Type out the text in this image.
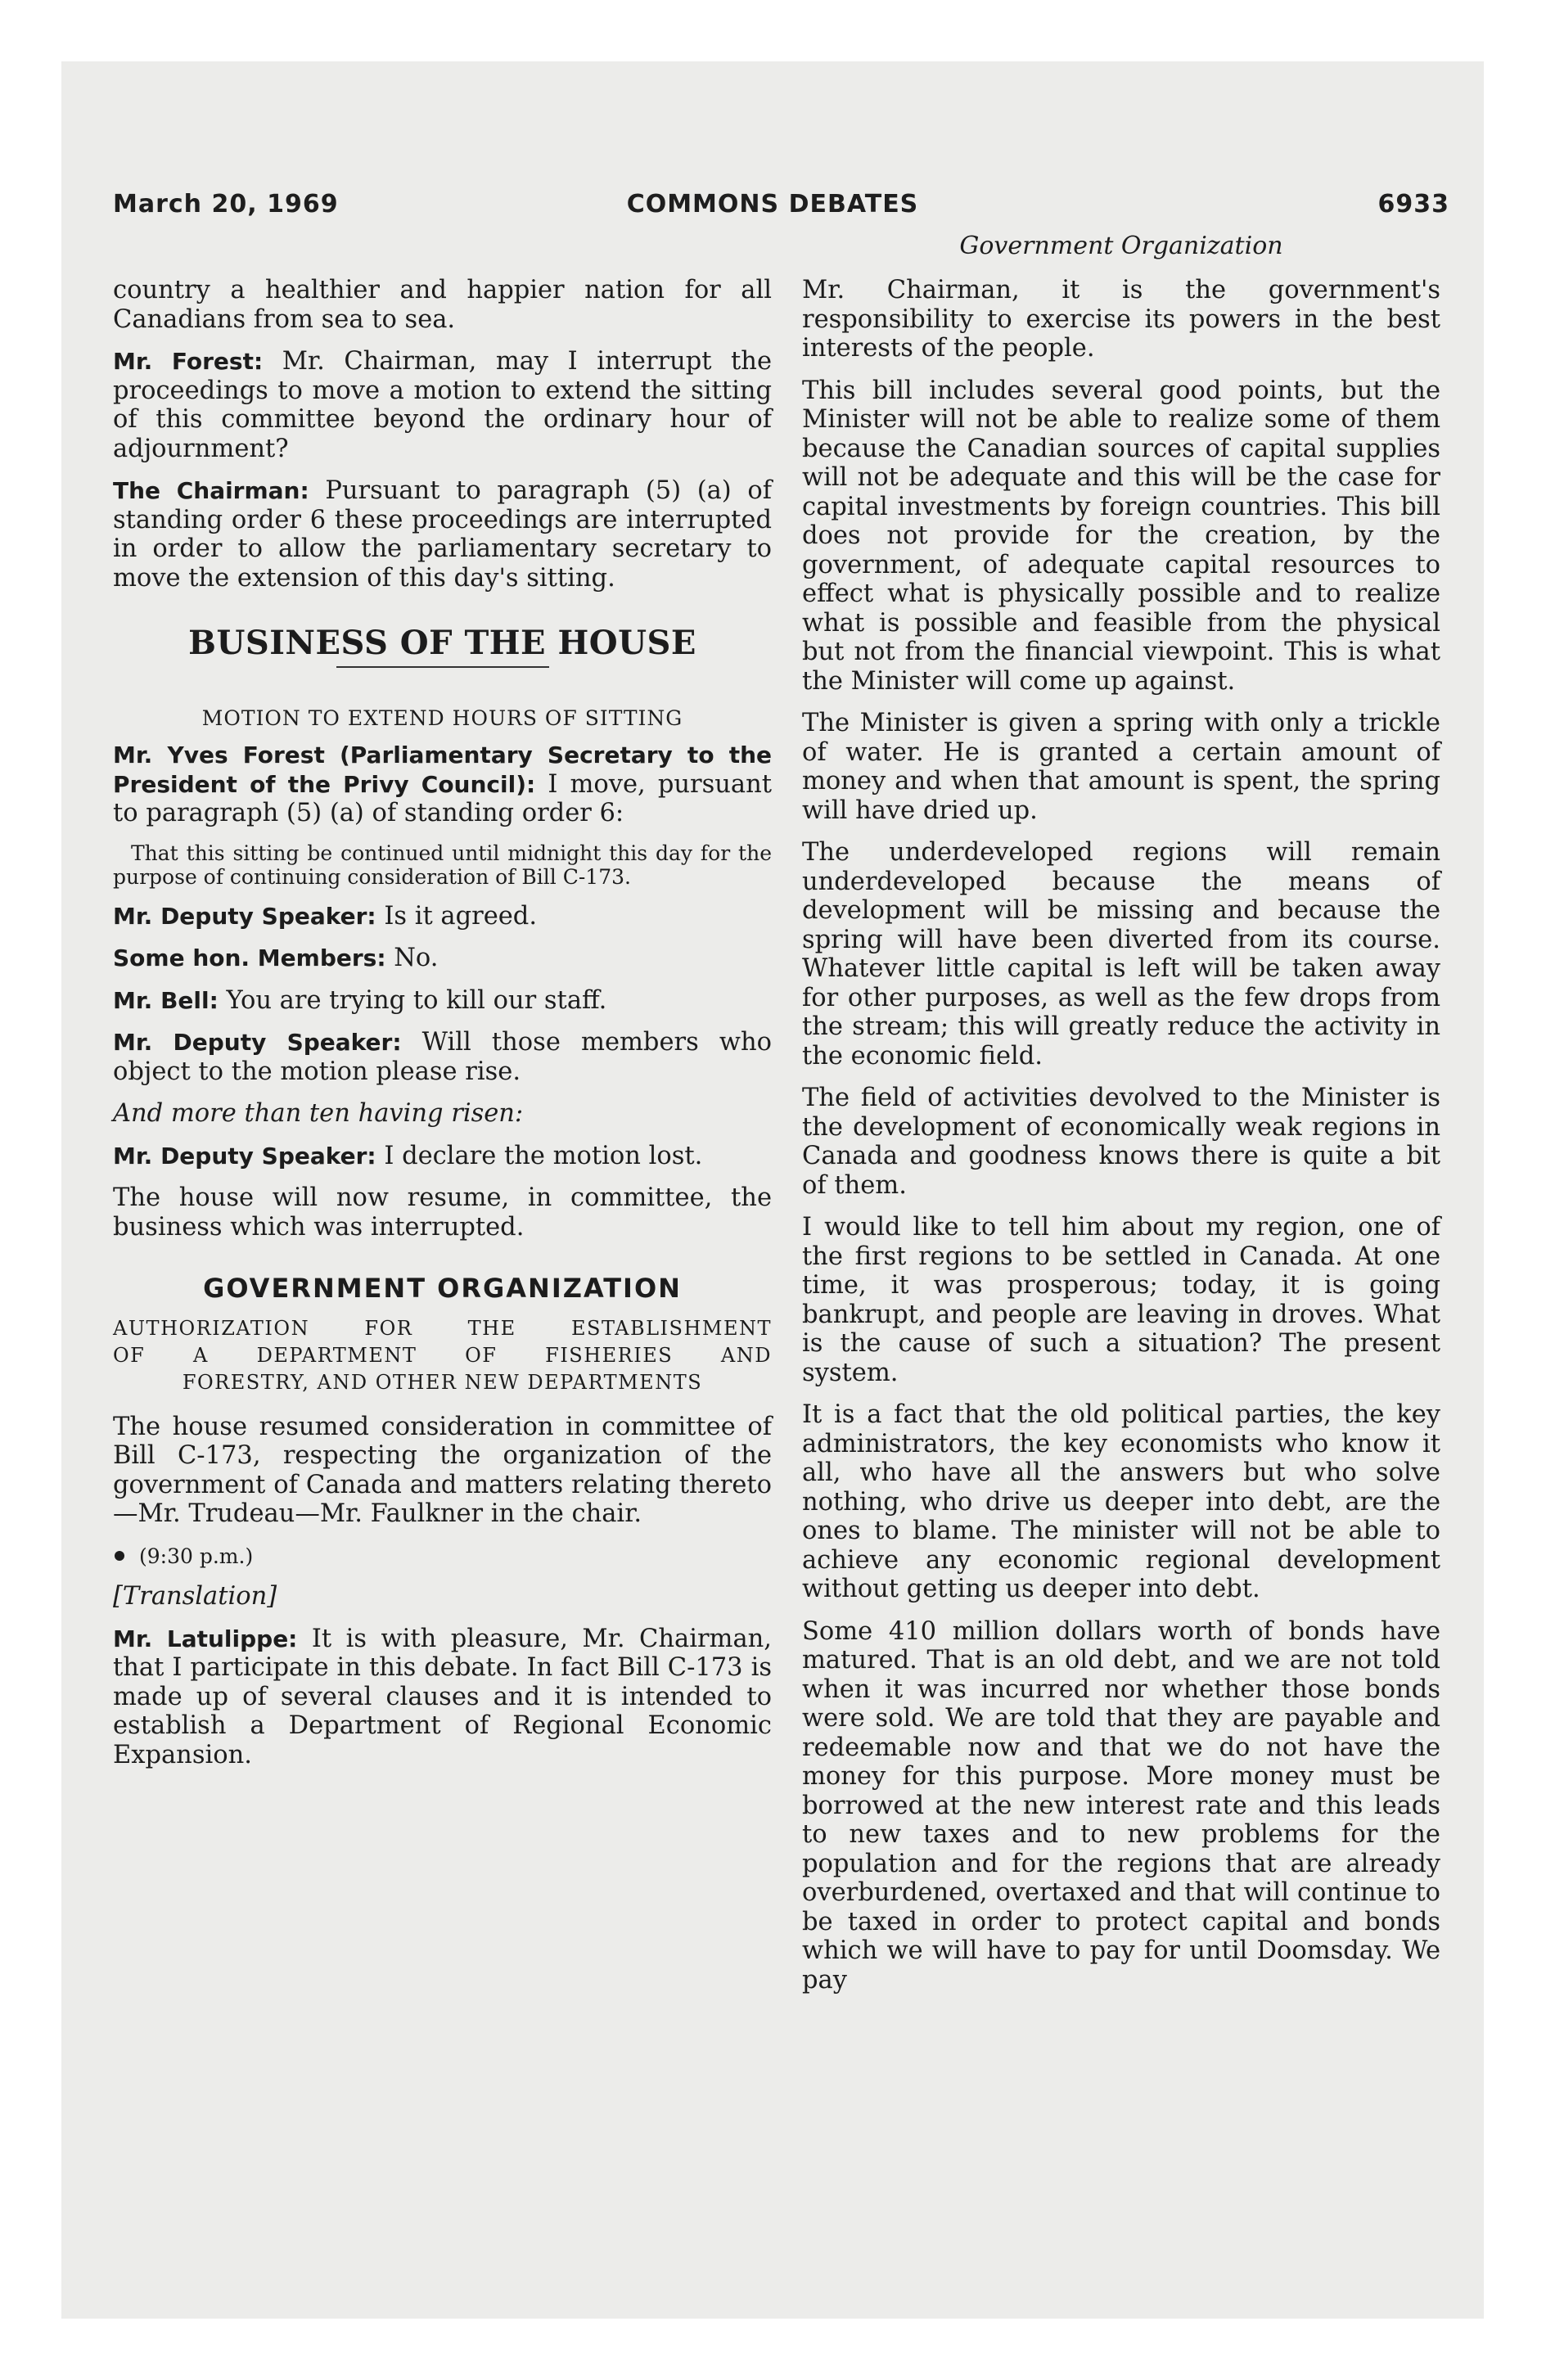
March 20, 1969	COMMONS DEBATES	6933
Government Organization

country a healthier and happier nation for all Canadians from sea to sea.

Mr. Forest: Mr. Chairman, may I interrupt the proceedings to move a motion to extend the sitting of this committee beyond the ordinary hour of adjournment?

The Chairman: Pursuant to paragraph (5) (a) of standing order 6 these proceedings are interrupted in order to allow the parliamentary secretary to move the extension of this day's sitting.

BUSINESS OF THE HOUSE
MOTION TO EXTEND HOURS OF SITTING

Mr. Yves Forest (Parliamentary Secretary to the President of the Privy Council): I move, pursuant to paragraph (5) (a) of standing order 6:

That this sitting be continued until midnight this day for the purpose of continuing consideration of Bill C-173.

Mr. Deputy Speaker: Is it agreed.

Some hon. Members: No.

Mr. Bell: You are trying to kill our staff.

Mr. Deputy Speaker: Will those members who object to the motion please rise.

And more than ten having risen:

Mr. Deputy Speaker: I declare the motion lost.

The house will now resume, in committee, the business which was interrupted.

GOVERNMENT ORGANIZATION

AUTHORIZATION FOR THE ESTABLISHMENT

OF A DEPARTMENT OF FISHERIES AND

FORESTRY, AND OTHER NEW DEPARTMENTS

The house resumed consideration in committee of Bill C-173, respecting the organization of the government of Canada and matters relating thereto—Mr. Trudeau—Mr. Faulkner in the chair.

(9:30 p.m.)

[Translation]

Mr. Latulippe: It is with pleasure, Mr. Chairman, that I participate in this debate. In fact Bill C-173 is made up of several clauses and it is intended to establish a Department of Regional Economic Expansion.

Mr. Chairman, it is the government's responsibility to exercise its powers in the best interests of the people.

This bill includes several good points, but the Minister will not be able to realize some of them because the Canadian sources of capital supplies will not be adequate and this will be the case for capital investments by foreign countries. This bill does not provide for the creation, by the government, of adequate capital resources to effect what is physically possible and to realize what is possible and feasible from the physical but not from the financial viewpoint. This is what the Minister will come up against.

The Minister is given a spring with only a trickle of water. He is granted a certain amount of money and when that amount is spent, the spring will have dried up.

The underdeveloped regions will remain underdeveloped because the means of development will be missing and because the spring will have been diverted from its course. Whatever little capital is left will be taken away for other purposes, as well as the few drops from the stream; this will greatly reduce the activity in the economic field.

The field of activities devolved to the Minister is the development of economically weak regions in Canada and goodness knows there is quite a bit of them.

I would like to tell him about my region, one of the first regions to be settled in Canada. At one time, it was prosperous; today, it is going bankrupt, and people are leaving in droves. What is the cause of such a situation? The present system.

It is a fact that the old political parties, the key administrators, the key economists who know it all, who have all the answers but who solve nothing, who drive us deeper into debt, are the ones to blame. The minister will not be able to achieve any economic regional development without getting us deeper into debt.

Some 410 million dollars worth of bonds have matured. That is an old debt, and we are not told when it was incurred nor whether those bonds were sold. We are told that they are payable and redeemable now and that we do not have the money for this purpose. More money must be borrowed at the new interest rate and this leads to new taxes and to new problems for the population and for the regions that are already overburdened, overtaxed and that will continue to be taxed in order to protect capital and bonds which we will have to pay for until Doomsday. We pay
